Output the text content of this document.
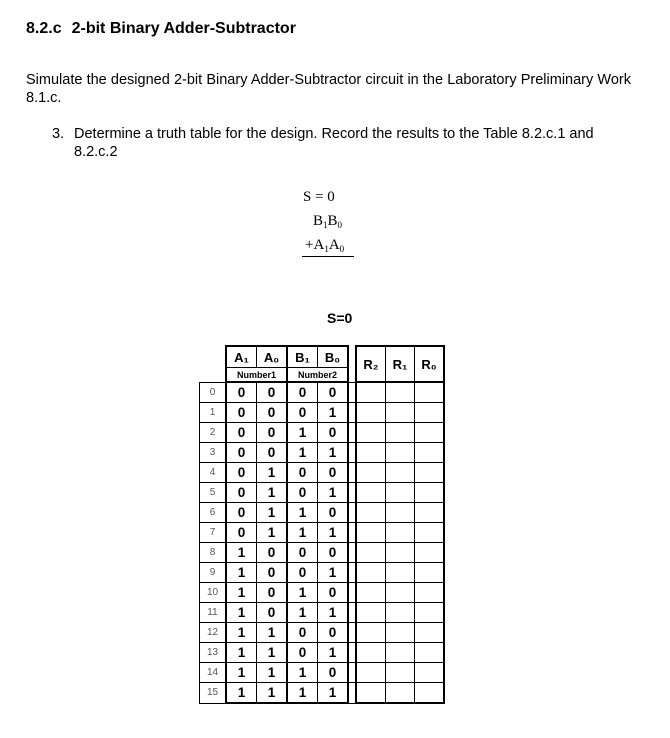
8.2.c 2-bit Binary Adder-Subtractor
Simulate the designed 2-bit Binary Adder-Subtractor circuit in the Laboratory Preliminary Work 8.1.c.
3. Determine a truth table for the design. Record the results to the Table 8.2.c.1 and 8.2.c.2
S = 0
$B_1B_0$
$+A_1A_0$
S=0
	A₁	A₀	B₁	B₀		R₂	R₁	R₀
	Number1		Number2					
0	0	0	0	0				
1	0	0	0	1				
2	0	0	1	0				
3	0	0	1	1				
4	0	1	0	0				
5	0	1	0	1				
6	0	1	1	0				
7	0	1	1	1				
8	1	0	0	0				
9	1	0	0	1				
10	1	0	1	0				
11	1	0	1	1				
12	1	1	0	0				
13	1	1	0	1				
14	1	1	1	0				
15	1	1	1	1				
